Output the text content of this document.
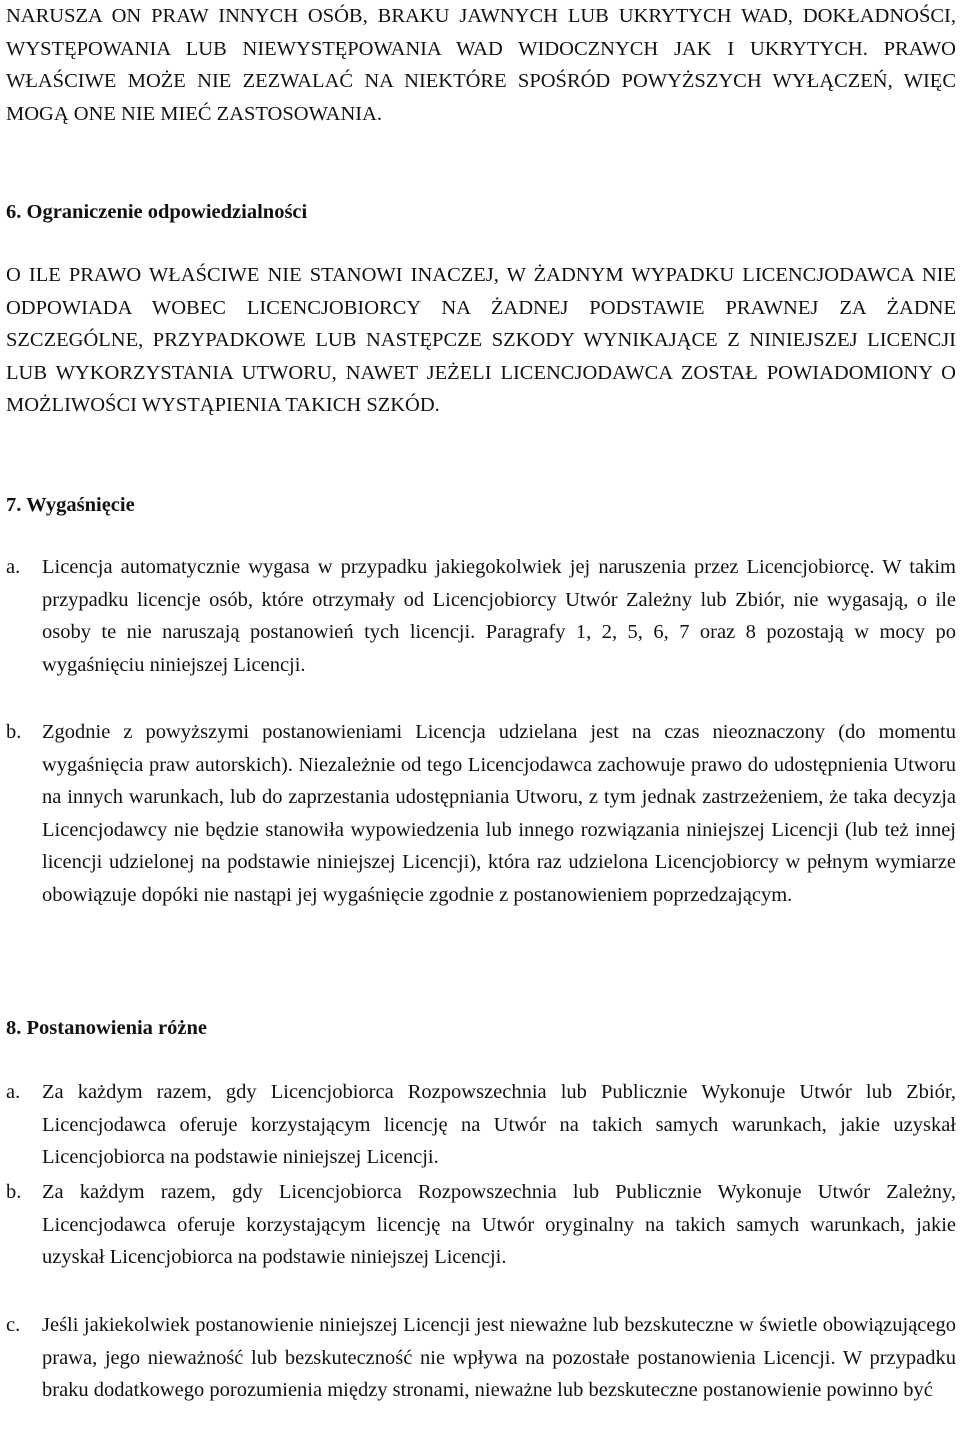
NARUSZA ON PRAW INNYCH OSÓB, BRAKU JAWNYCH LUB UKRYTYCH WAD, DOKŁADNOŚCI, WYSTĘPOWANIA LUB NIEWYSTĘPOWANIA WAD WIDOCZNYCH JAK I UKRYTYCH. PRAWO WŁAŚCIWE MOŻE NIE ZEZWALAĆ NA NIEKTÓRE SPOŚRÓD POWYŻSZYCH WYŁĄCZEŃ, WIĘC MOGĄ ONE NIE MIEĆ ZASTOSOWANIA.

6. Ograniczenie odpowiedzialności

O ILE PRAWO WŁAŚCIWE NIE STANOWI INACZEJ, W ŻADNYM WYPADKU LICENCJODAWCA NIE ODPOWIADA WOBEC LICENCJOBIORCY NA ŻADNEJ PODSTAWIE PRAWNEJ ZA ŻADNE SZCZEGÓLNE, PRZYPADKOWE LUB NASTĘPCZE SZKODY WYNIKAJĄCE Z NINIEJSZEJ LICENCJI LUB WYKORZYSTANIA UTWORU, NAWET JEŻELI LICENCJODAWCA ZOSTAŁ POWIADOMIONY O MOŻLIWOŚCI WYSTĄPIENIA TAKICH SZKÓD.

7. Wygaśnięcie
a. Licencja automatycznie wygasa w przypadku jakiegokolwiek jej naruszenia przez Licencjobiorcę. W takim przypadku licencje osób, które otrzymały od Licencjobiorcy Utwór Zależny lub Zbiór, nie wygasają, o ile osoby te nie naruszają postanowień tych licencji. Paragrafy 1, 2, 5, 6, 7 oraz 8 pozostają w mocy po wygaśnięciu niniejszej Licencji.

b. Zgodnie z powyższymi postanowieniami Licencja udzielana jest na czas nieoznaczony (do momentu wygaśnięcia praw autorskich). Niezależnie od tego Licencjodawca zachowuje prawo do udostępnienia Utworu na innych warunkach, lub do zaprzestania udostępniania Utworu, z tym jednak zastrzeżeniem, że taka decyzja Licencjodawcy nie będzie stanowiła wypowiedzenia lub innego rozwiązania niniejszej Licencji (lub też innej licencji udzielonej na podstawie niniejszej Licencji), która raz udzielona Licencjobiorcy w pełnym wymiarze obowiązuje dopóki nie nastąpi jej wygaśnięcie zgodnie z postanowieniem poprzedzającym.

8. Postanowienia różne
a. Za każdym razem, gdy Licencjobiorca Rozpowszechnia lub Publicznie Wykonuje Utwór lub Zbiór, Licencjodawca oferuje korzystającym licencję na Utwór na takich samych warunkach, jakie uzyskał Licencjobiorca na podstawie niniejszej Licencji.

b. Za każdym razem, gdy Licencjobiorca Rozpowszechnia lub Publicznie Wykonuje Utwór Zależny, Licencjodawca oferuje korzystającym licencję na Utwór oryginalny na takich samych warunkach, jakie uzyskał Licencjobiorca na podstawie niniejszej Licencji.

c. Jeśli jakiekolwiek postanowienie niniejszej Licencji jest nieważne lub bezskuteczne w świetle obowiązującego prawa, jego nieważność lub bezskuteczność nie wpływa na pozostałe postanowienia Licencji. W przypadku braku dodatkowego porozumienia między stronami, nieważne lub bezskuteczne postanowienie powinno być
